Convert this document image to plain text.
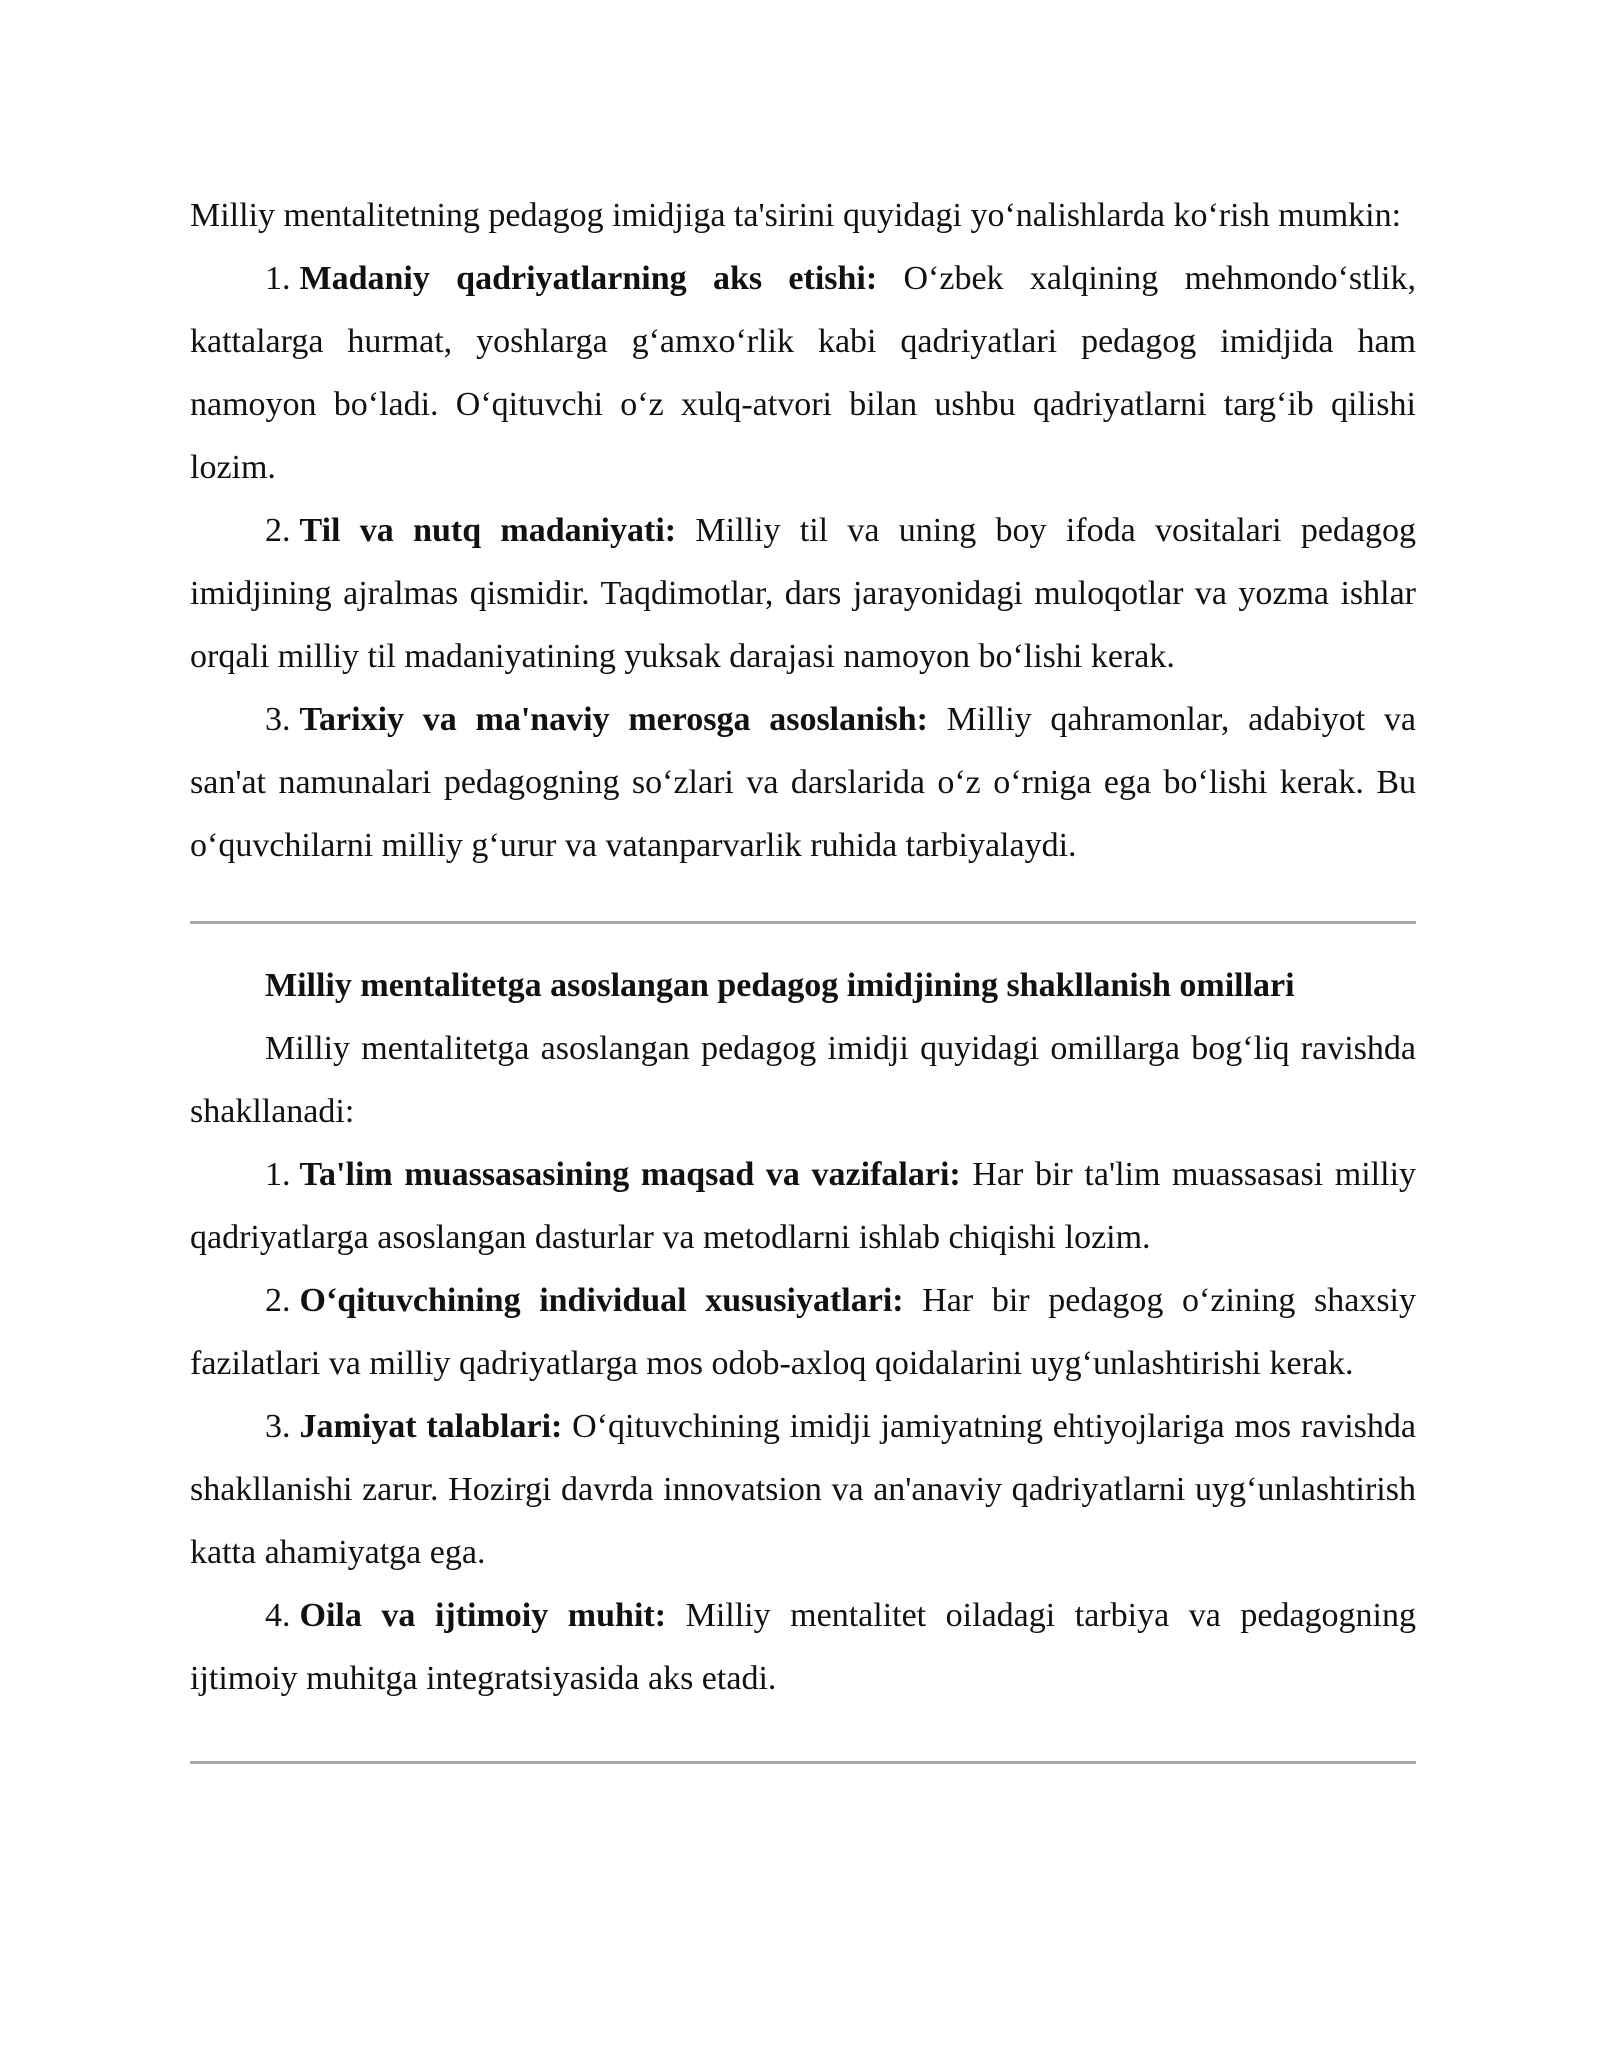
Milliy mentalitetning pedagog imidjiga ta'sirini quyidagi yo‘nalishlarda ko‘rish mumkin:

1. Madaniy qadriyatlarning aks etishi: O‘zbek xalqining mehmondo‘stlik, kattalarga hurmat, yoshlarga g‘amxo‘rlik kabi qadriyatlari pedagog imidjida ham namoyon bo‘ladi. O‘qituvchi o‘z xulq-atvori bilan ushbu qadriyatlarni targ‘ib qilishi lozim.

2. Til va nutq madaniyati: Milliy til va uning boy ifoda vositalari pedagog imidjining ajralmas qismidir. Taqdimotlar, dars jarayonidagi muloqotlar va yozma ishlar orqali milliy til madaniyatining yuksak darajasi namoyon bo‘lishi kerak.

3. Tarixiy va ma'naviy merosga asoslanish: Milliy qahramonlar, adabiyot va san'at namunalari pedagogning so‘zlari va darslarida o‘z o‘rniga ega bo‘lishi kerak. Bu o‘quvchilarni milliy g‘urur va vatanparvarlik ruhida tarbiyalaydi.

Milliy mentalitetga asoslangan pedagog imidjining shakllanish omillari

Milliy mentalitetga asoslangan pedagog imidji quyidagi omillarga bog‘liq ravishda shakllanadi:

1. Ta'lim muassasasining maqsad va vazifalari: Har bir ta'lim muassasasi milliy qadriyatlarga asoslangan dasturlar va metodlarni ishlab chiqishi lozim.

2. O‘qituvchining individual xususiyatlari: Har bir pedagog o‘zining shaxsiy fazilatlari va milliy qadriyatlarga mos odob-axloq qoidalarini uyg‘unlashtirishi kerak.

3. Jamiyat talablari: O‘qituvchining imidji jamiyatning ehtiyojlariga mos ravishda shakllanishi zarur. Hozirgi davrda innovatsion va an'anaviy qadriyatlarni uyg‘unlashtirish katta ahamiyatga ega.

4. Oila va ijtimoiy muhit: Milliy mentalitet oiladagi tarbiya va pedagogning ijtimoiy muhitga integratsiyasida aks etadi.
